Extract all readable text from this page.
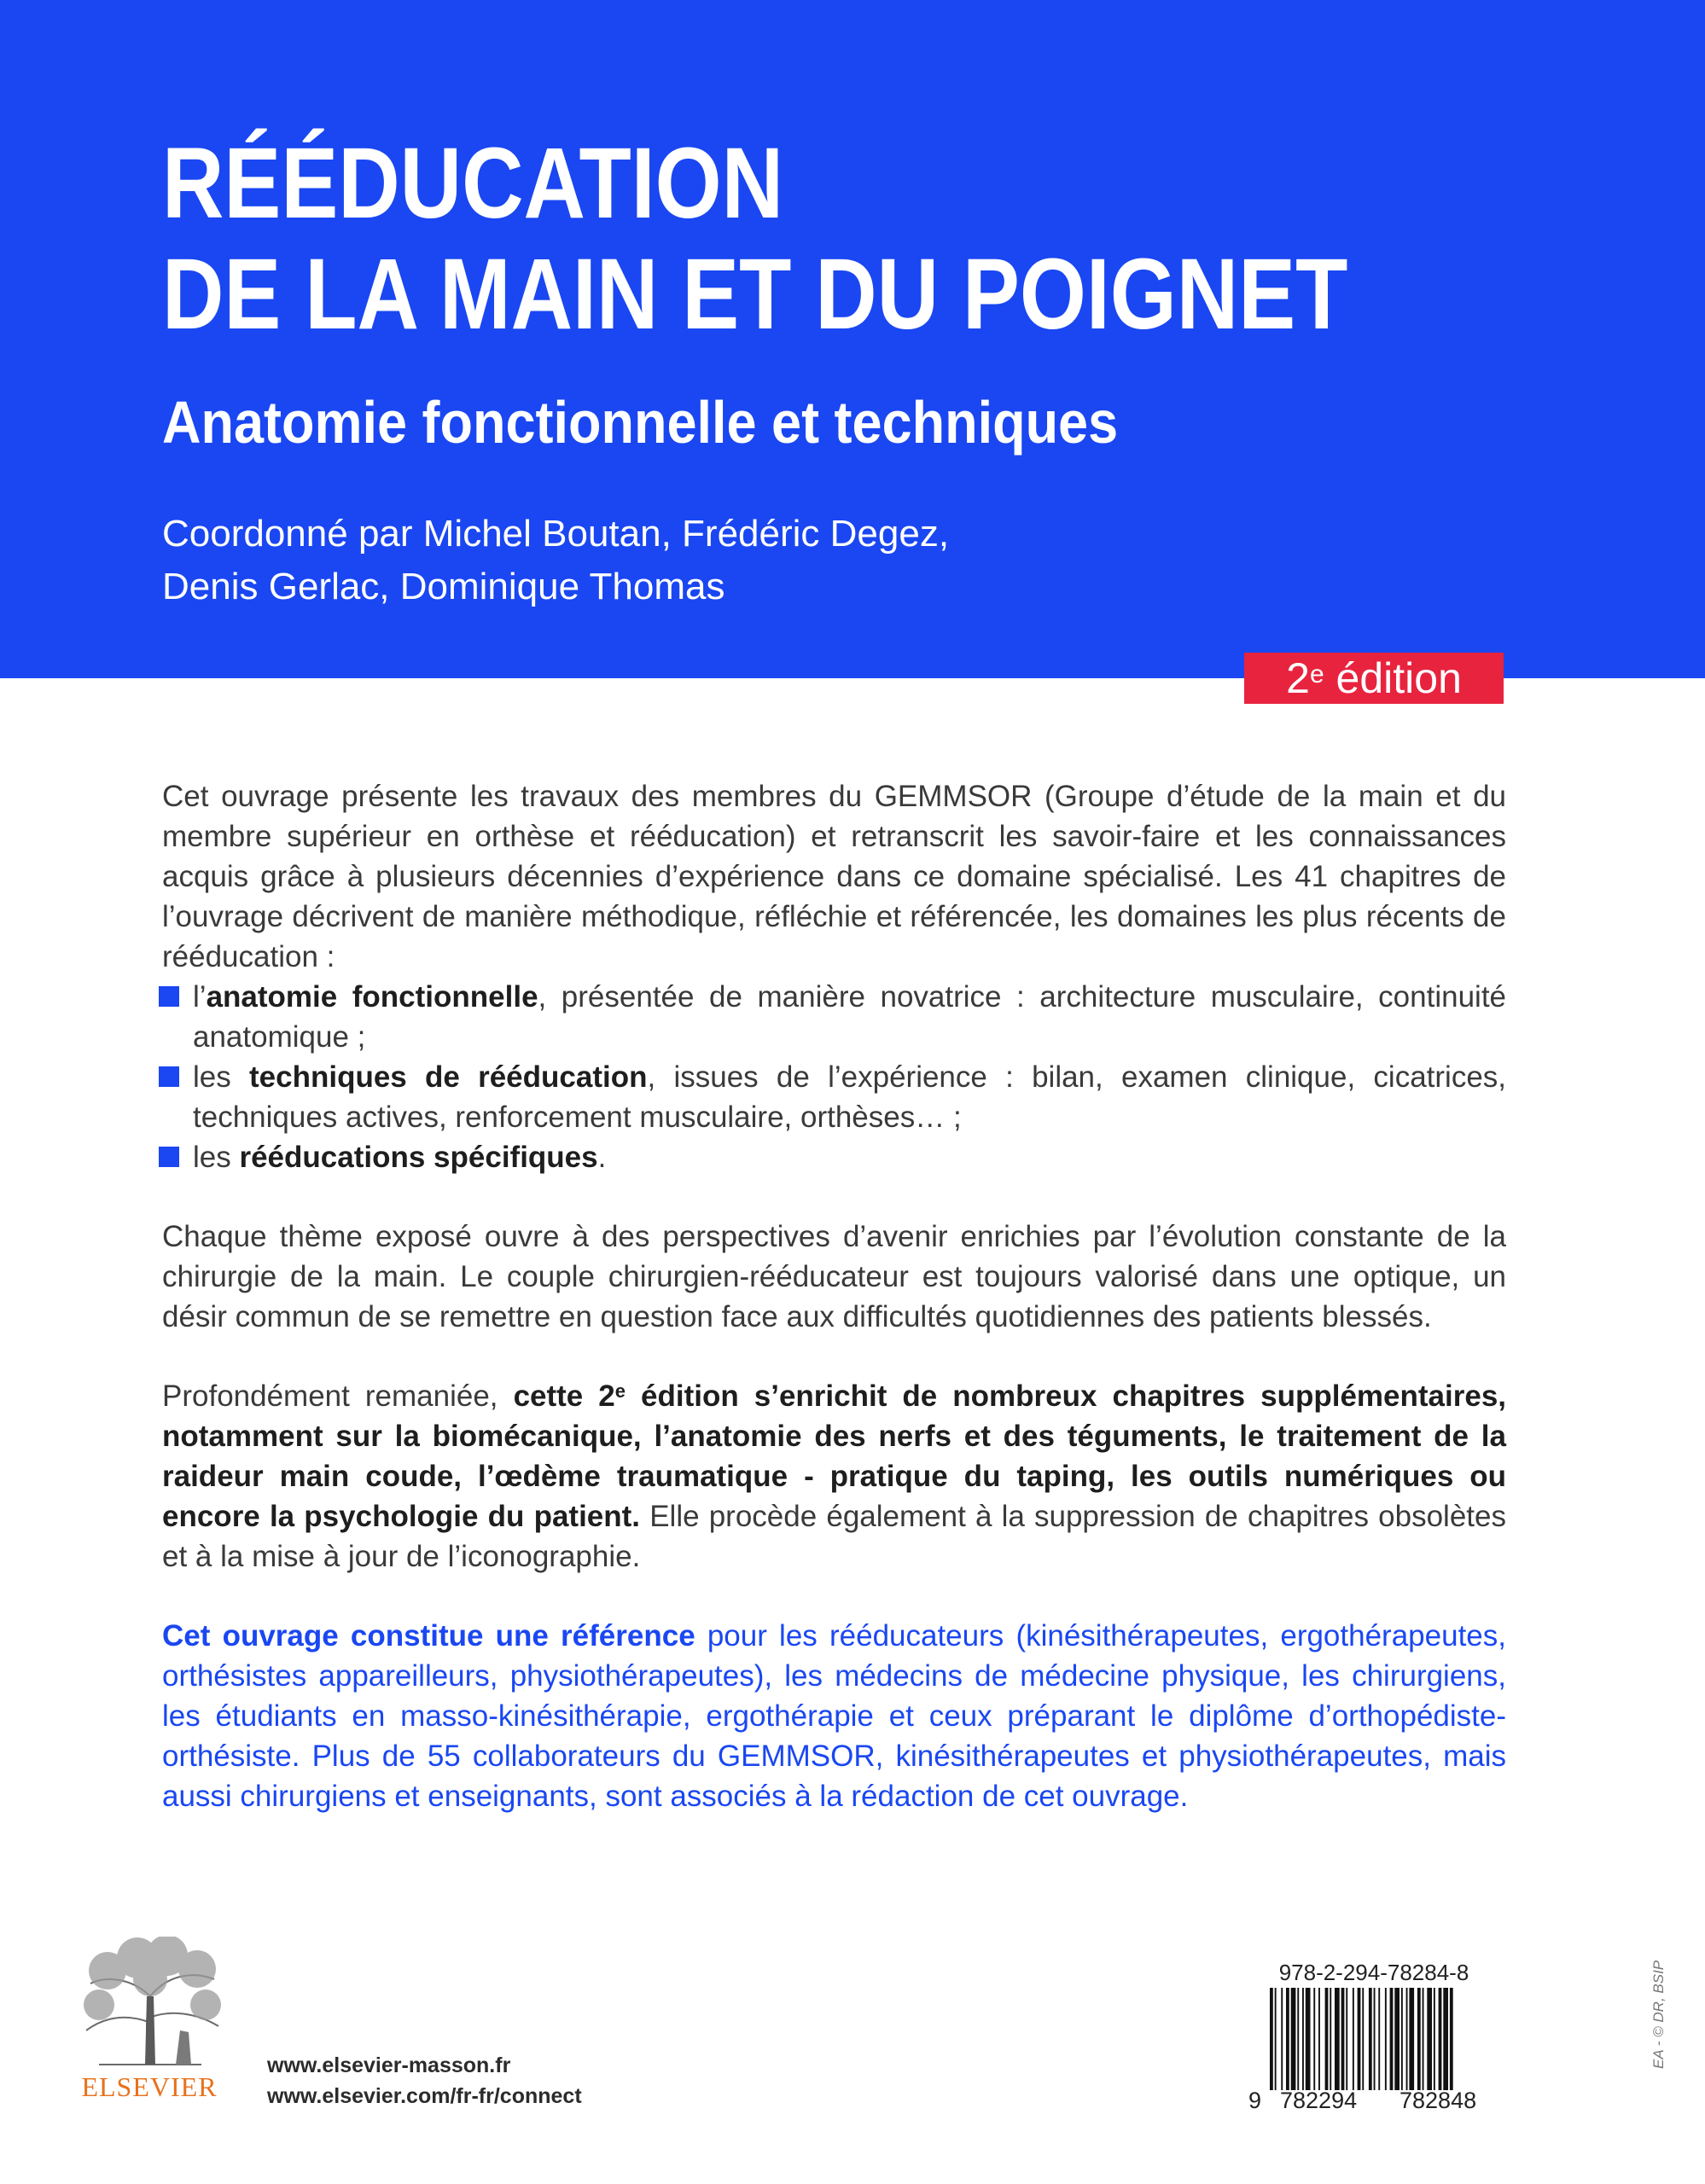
RÉÉDUCATION
DE LA MAIN ET DU POIGNET
Anatomie fonctionnelle et techniques
Coordonné par Michel Boutan, Frédéric Degez,
Denis Gerlac, Dominique Thomas
2e édition

Cet ouvrage présente les travaux des membres du GEMMSOR (Groupe d’étude de la main et du membre supérieur en orthèse et rééducation) et retranscrit les savoir-faire et les connaissances acquis grâce à plusieurs décennies d’expérience dans ce domaine spécialisé. Les 41 chapitres de l’ouvrage décrivent de manière méthodique, réfléchie et référencée, les domaines les plus récents de rééducation :

l’anatomie fonctionnelle, présentée de manière novatrice : architecture musculaire, continuité anatomique ;
les techniques de rééducation, issues de l’expérience : bilan, examen clinique, cicatrices, techniques actives, renforcement musculaire, orthèses… ;
les rééducations spécifiques.

Chaque thème exposé ouvre à des perspectives d’avenir enrichies par l’évolution constante de la chirurgie de la main. Le couple chirurgien-rééducateur est toujours valorisé dans une optique, un désir commun de se remettre en question face aux difficultés quotidiennes des patients blessés.

Profondément remaniée, cette 2e édition s’enrichit de nombreux chapitres supplémentaires, notamment sur la biomécanique, l’anatomie des nerfs et des téguments, le traitement de la raideur main coude, l’œdème traumatique - pratique du taping, les outils numériques ou encore la psychologie du patient. Elle procède également à la suppression de chapitres obsolètes et à la mise à jour de l’iconographie.

Cet ouvrage constitue une référence pour les rééducateurs (kinésithérapeutes, ergothérapeutes, orthésistes appareilleurs, physiothérapeutes), les médecins de médecine physique, les chirurgiens, les étudiants en masso-kinésithérapie, ergothérapie et ceux préparant le diplôme d’orthopédiste-orthésiste. Plus de 55 collaborateurs du GEMMSOR, kinésithérapeutes et physiothérapeutes, mais aussi chirurgiens et enseignants, sont associés à la rédaction de cet ouvrage.

ELSEVIER
www.elsevier-masson.fr
www.elsevier.com/fr-fr/connect
978-2-294-78284-8
9 782294 782848
EA - © DR, BSIP
